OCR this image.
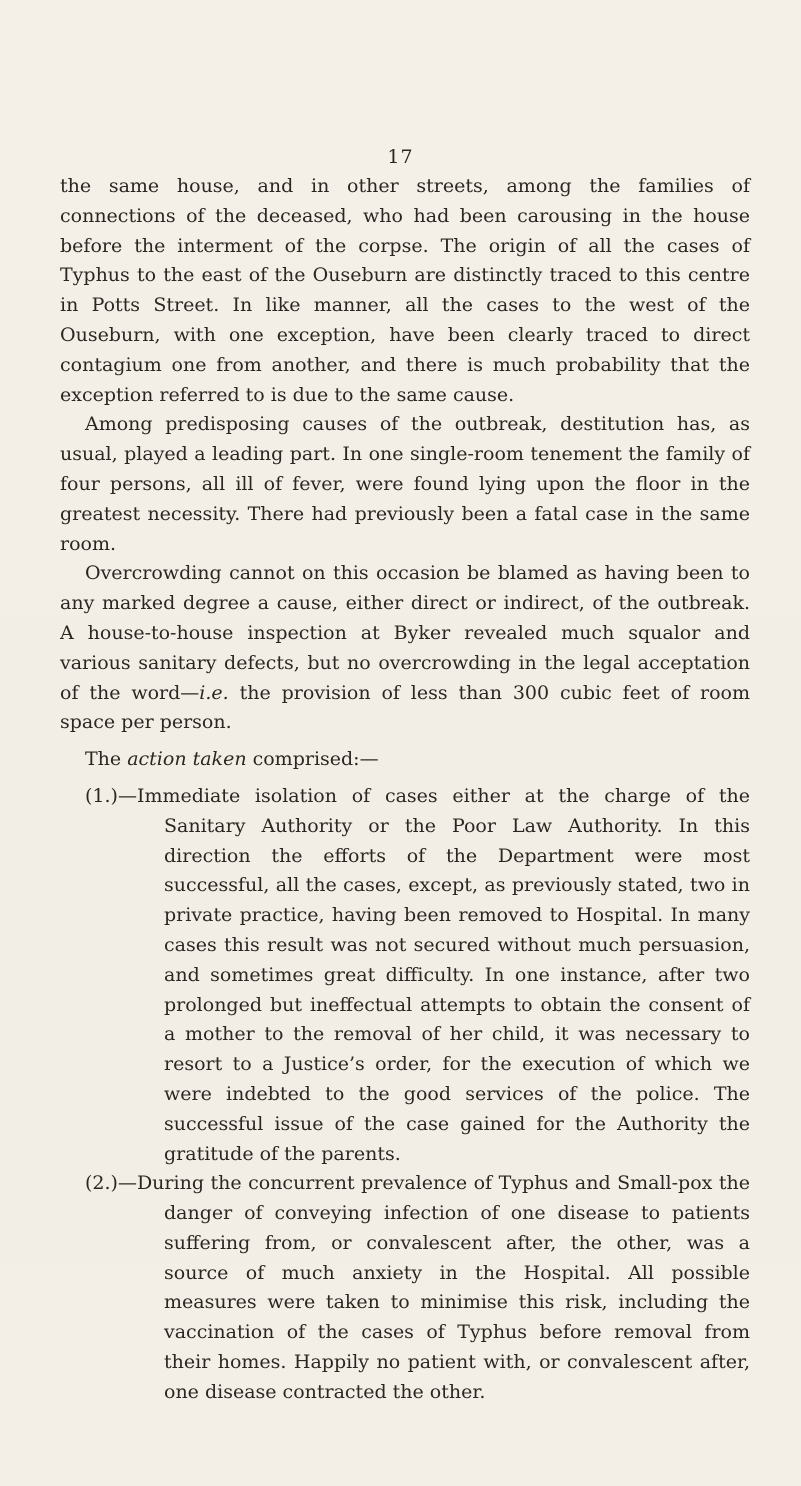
17

the same house, and in other streets, among the families of connections of the deceased, who had been carousing in the house before the interment of the corpse. The origin of all the cases of Typhus to the east of the Ouseburn are distinctly traced to this centre in Potts Street. In like manner, all the cases to the west of the Ouseburn, with one exception, have been clearly traced to direct contagium one from another, and there is much probability that the exception referred to is due to the same cause.

Among predisposing causes of the outbreak, destitution has, as usual, played a leading part. In one single-room tenement the family of four persons, all ill of fever, were found lying upon the floor in the greatest necessity. There had previously been a fatal case in the same room.

Overcrowding cannot on this occasion be blamed as having been to any marked degree a cause, either direct or indirect, of the outbreak. A house-to-house inspection at Byker revealed much squalor and various sanitary defects, but no overcrowding in the legal acceptation of the word—i.e. the provision of less than 300 cubic feet of room space per person.

The action taken comprised:—

(1.)—Immediate isolation of cases either at the charge of the Sanitary Authority or the Poor Law Authority. In this direction the efforts of the Department were most successful, all the cases, except, as previously stated, two in private practice, having been removed to Hospital. In many cases this result was not secured without much persuasion, and sometimes great difficulty. In one instance, after two prolonged but ineffectual attempts to obtain the consent of a mother to the removal of her child, it was necessary to resort to a Justice’s order, for the execution of which we were indebted to the good services of the police. The successful issue of the case gained for the Authority the gratitude of the parents.

(2.)—During the concurrent prevalence of Typhus and Small-pox the danger of conveying infection of one disease to patients suffering from, or convalescent after, the other, was a source of much anxiety in the Hospital. All possible measures were taken to minimise this risk, including the vaccination of the cases of Typhus before removal from their homes. Happily no patient with, or convalescent after, one disease contracted the other.
